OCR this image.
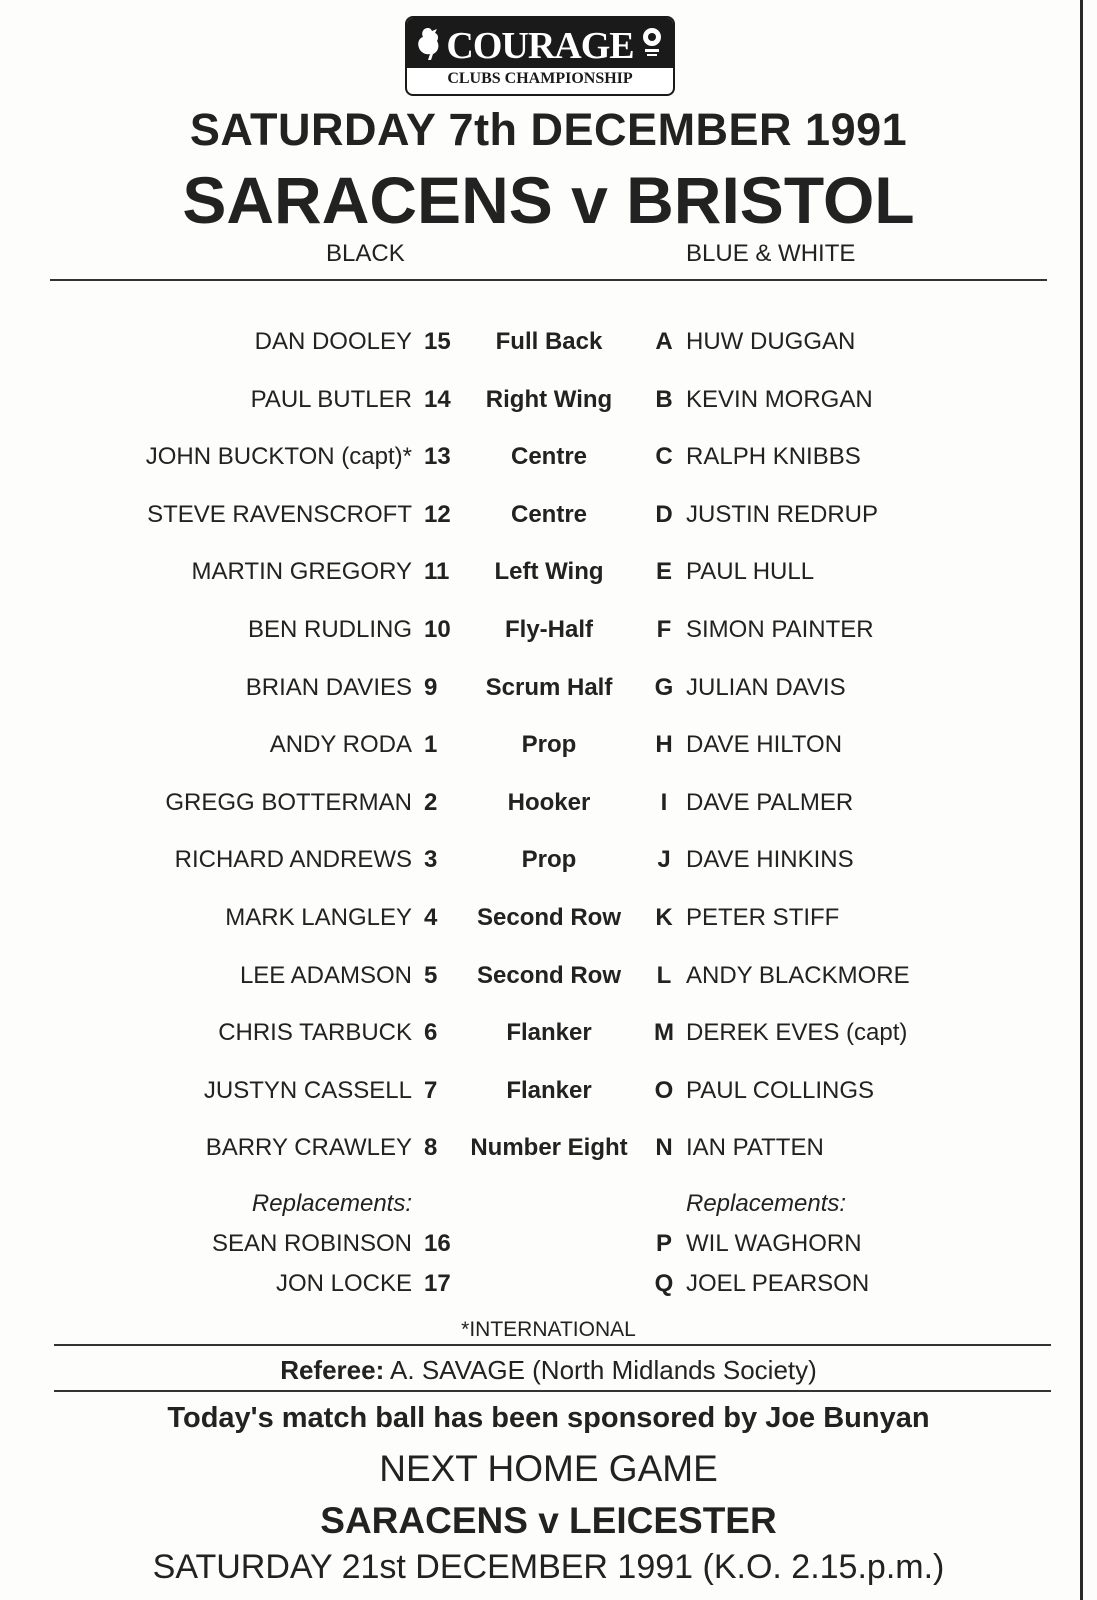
COURAGE
CLUBS CHAMPIONSHIP
SATURDAY 7th DECEMBER 1991
SARACENS v BRISTOL
BLACK	BLUE & WHITE
DAN DOOLEY 15	Full Back	A HUW DUGGAN
PAUL BUTLER 14	Right Wing	B KEVIN MORGAN
JOHN BUCKTON (capt)* 13	Centre	C RALPH KNIBBS
STEVE RAVENSCROFT 12	Centre	D JUSTIN REDRUP
MARTIN GREGORY 11	Left Wing	E PAUL HULL
BEN RUDLING 10	Fly-Half	F SIMON PAINTER
BRIAN DAVIES 9	Scrum Half	G JULIAN DAVIS
ANDY RODA 1	Prop	H DAVE HILTON
GREGG BOTTERMAN 2	Hooker	I DAVE PALMER
RICHARD ANDREWS 3	Prop	J DAVE HINKINS
MARK LANGLEY 4	Second Row	K PETER STIFF
LEE ADAMSON 5	Second Row	L ANDY BLACKMORE
CHRIS TARBUCK 6	Flanker	M DEREK EVES (capt)
JUSTYN CASSELL 7	Flanker	O PAUL COLLINGS
BARRY CRAWLEY 8	Number Eight	N IAN PATTEN
Replacements:	Replacements:
SEAN ROBINSON 16	P WIL WAGHORN
JON LOCKE 17	Q JOEL PEARSON
*INTERNATIONAL
Referee: A. SAVAGE (North Midlands Society)
Today's match ball has been sponsored by Joe Bunyan
NEXT HOME GAME
SARACENS v LEICESTER
SATURDAY 21st DECEMBER 1991 (K.O. 2.15.p.m.)
